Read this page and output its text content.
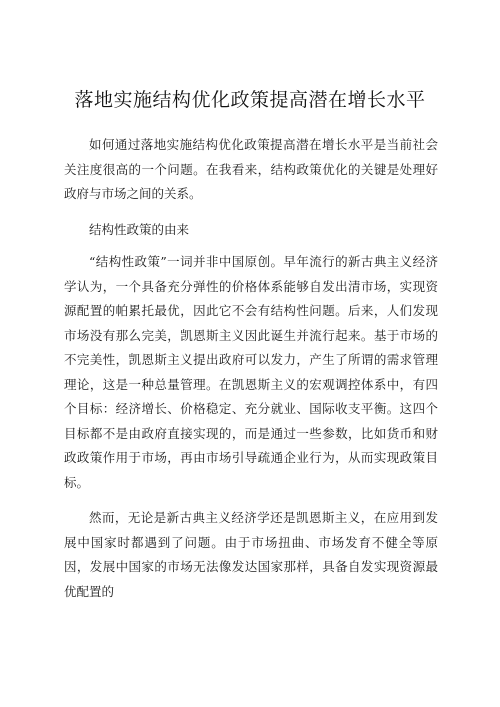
落地实施结构优化政策提高潜在增长水平

如何通过落地实施结构优化政策提高潜在增长水平是当前社会关注度很高的一个问题。在我看来，结构政策优化的关键是处理好政府与市场之间的关系。

结构性政策的由来

“结构性政策”一词并非中国原创。早年流行的新古典主义经济学认为，一个具备充分弹性的价格体系能够自发出清市场，实现资源配置的帕累托最优，因此它不会有结构性问题。后来，人们发现市场没有那么完美，凯恩斯主义因此诞生并流行起来。基于市场的不完美性，凯恩斯主义提出政府可以发力，产生了所谓的需求管理理论，这是一种总量管理。在凯恩斯主义的宏观调控体系中，有四个目标：经济增长、价格稳定、充分就业、国际收支平衡。这四个目标都不是由政府直接实现的，而是通过一些参数，比如货币和财政政策作用于市场，再由市场引导疏通企业行为，从而实现政策目标。

然而，无论是新古典主义经济学还是凯恩斯主义，在应用到发展中国家时都遇到了问题。由于市场扭曲、市场发育不健全等原因，发展中国家的市场无法像发达国家那样，具备自发实现资源最优配置的
